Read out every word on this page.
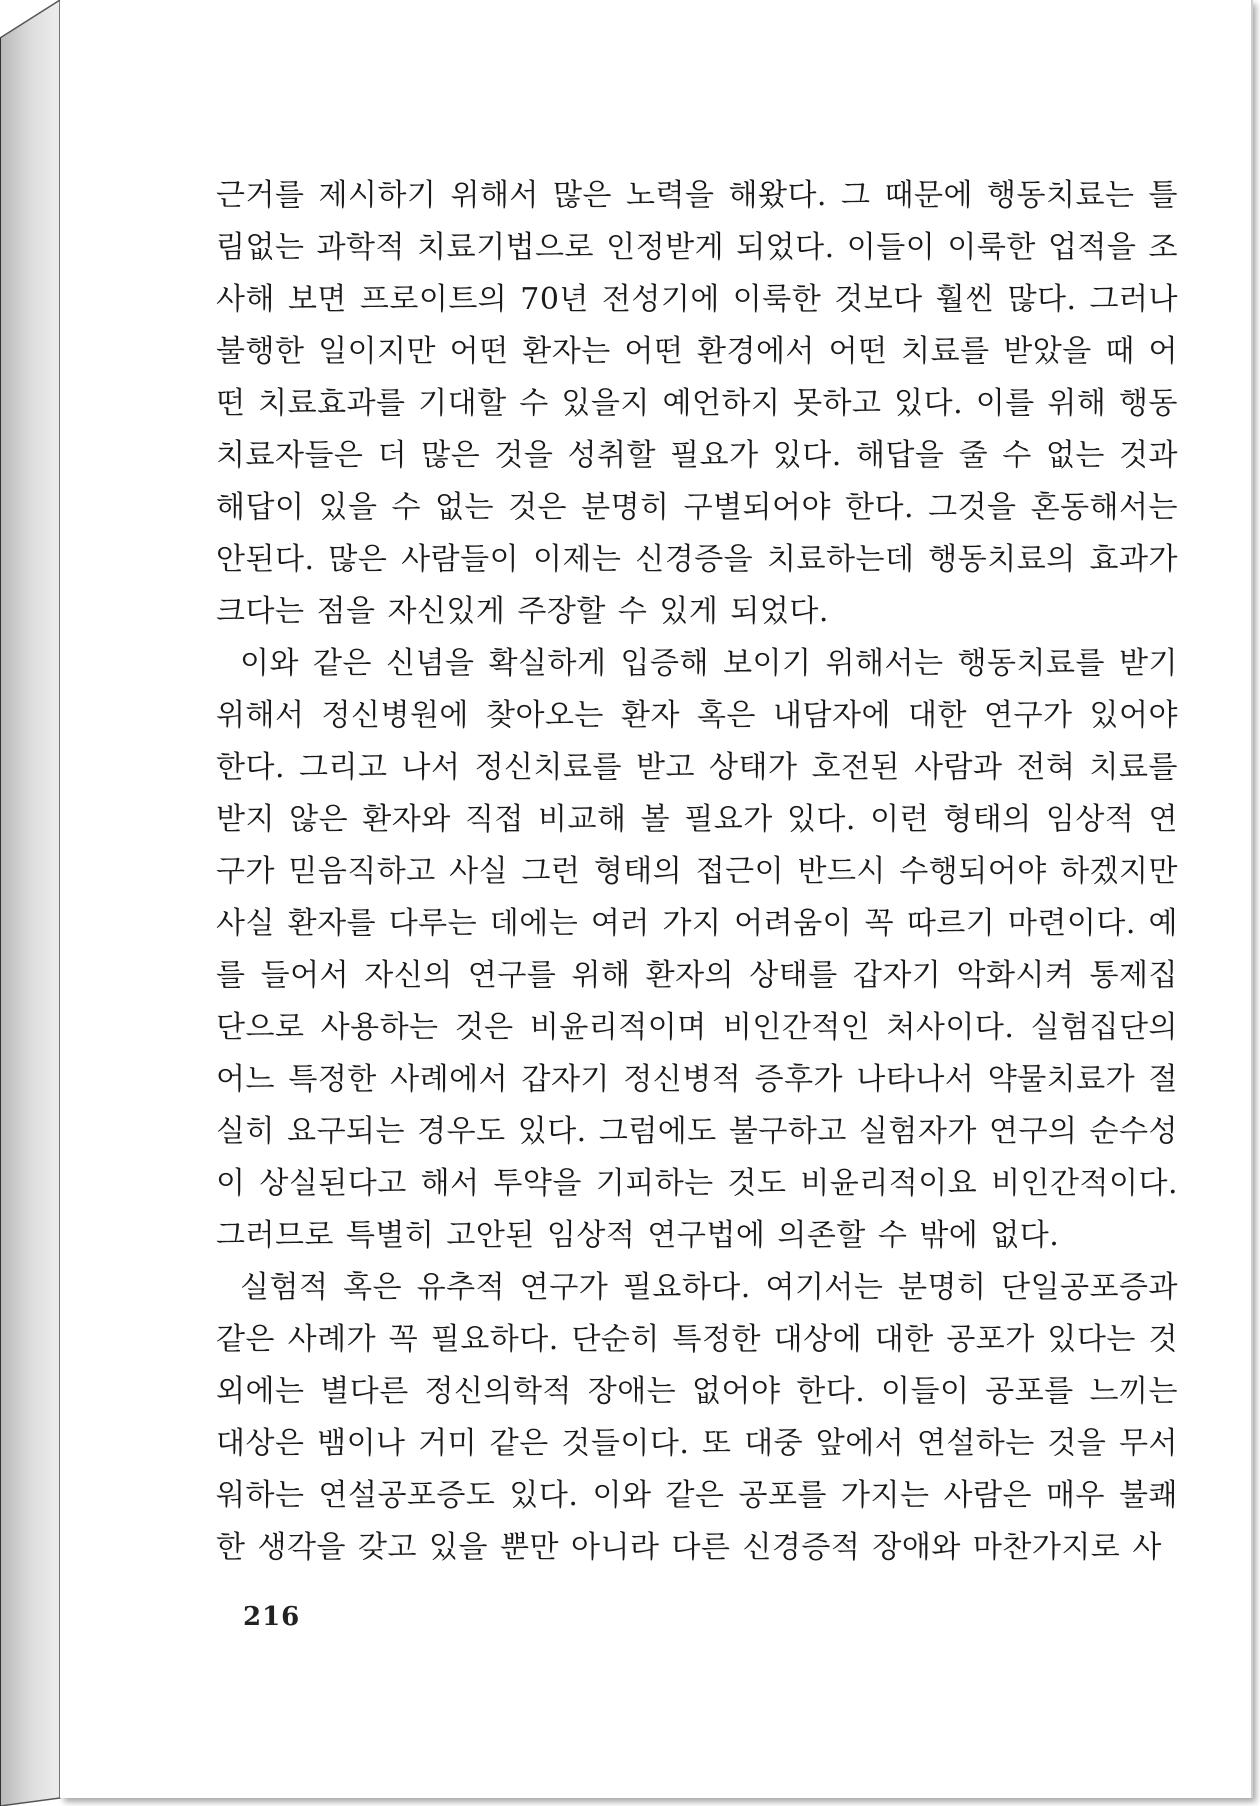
근거를 제시하기 위해서 많은 노력을 해왔다. 그 때문에 행동치료는 틀림없는 과학적 치료기법으로 인정받게 되었다. 이들이 이룩한 업적을 조사해 보면 프로이트의 70년 전성기에 이룩한 것보다 훨씬 많다. 그러나 불행한 일이지만 어떤 환자는 어떤 환경에서 어떤 치료를 받았을 때 어떤 치료효과를 기대할 수 있을지 예언하지 못하고 있다. 이를 위해 행동치료자들은 더 많은 것을 성취할 필요가 있다. 해답을 줄 수 없는 것과 해답이 있을 수 없는 것은 분명히 구별되어야 한다. 그것을 혼동해서는 안된다. 많은 사람들이 이제는 신경증을 치료하는데 행동치료의 효과가 크다는 점을 자신있게 주장할 수 있게 되었다.

이와 같은 신념을 확실하게 입증해 보이기 위해서는 행동치료를 받기 위해서 정신병원에 찾아오는 환자 혹은 내담자에 대한 연구가 있어야 한다. 그리고 나서 정신치료를 받고 상태가 호전된 사람과 전혀 치료를 받지 않은 환자와 직접 비교해 볼 필요가 있다. 이런 형태의 임상적 연구가 믿음직하고 사실 그런 형태의 접근이 반드시 수행되어야 하겠지만 사실 환자를 다루는 데에는 여러 가지 어려움이 꼭 따르기 마련이다. 예를 들어서 자신의 연구를 위해 환자의 상태를 갑자기 악화시켜 통제집단으로 사용하는 것은 비윤리적이며 비인간적인 처사이다. 실험집단의 어느 특정한 사례에서 갑자기 정신병적 증후가 나타나서 약물치료가 절실히 요구되는 경우도 있다. 그럼에도 불구하고 실험자가 연구의 순수성이 상실된다고 해서 투약을 기피하는 것도 비윤리적이요 비인간적이다. 그러므로 특별히 고안된 임상적 연구법에 의존할 수 밖에 없다.

실험적 혹은 유추적 연구가 필요하다. 여기서는 분명히 단일공포증과 같은 사례가 꼭 필요하다. 단순히 특정한 대상에 대한 공포가 있다는 것 외에는 별다른 정신의학적 장애는 없어야 한다. 이들이 공포를 느끼는 대상은 뱀이나 거미 같은 것들이다. 또 대중 앞에서 연설하는 것을 무서워하는 연설공포증도 있다. 이와 같은 공포를 가지는 사람은 매우 불쾌한 생각을 갖고 있을 뿐만 아니라 다른 신경증적 장애와 마찬가지로 사

216
